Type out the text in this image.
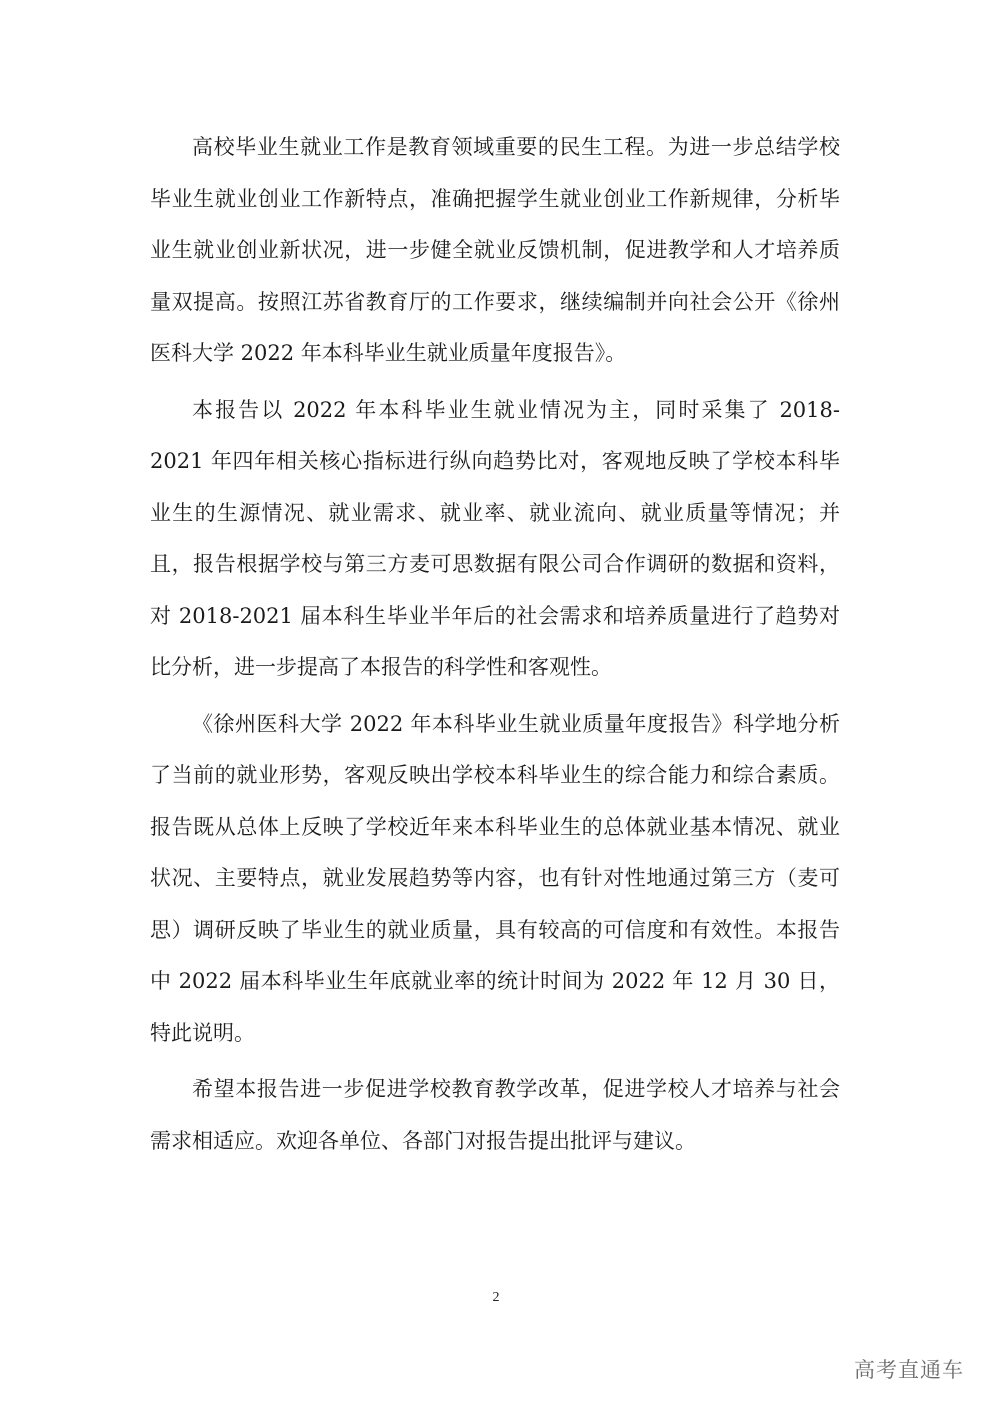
高校毕业生就业工作是教育领域重要的民生工程。为进一步总结学校毕业生就业创业工作新特点，准确把握学生就业创业工作新规律，分析毕业生就业创业新状况，进一步健全就业反馈机制，促进教学和人才培养质量双提高。按照江苏省教育厅的工作要求，继续编制并向社会公开《徐州医科大学 2022 年本科毕业生就业质量年度报告》。

本报告以 2022 年本科毕业生就业情况为主，同时采集了 2018-2021 年四年相关核心指标进行纵向趋势比对，客观地反映了学校本科毕业生的生源情况、就业需求、就业率、就业流向、就业质量等情况；并且，报告根据学校与第三方麦可思数据有限公司合作调研的数据和资料，对 2018-2021 届本科生毕业半年后的社会需求和培养质量进行了趋势对比分析，进一步提高了本报告的科学性和客观性。

《徐州医科大学 2022 年本科毕业生就业质量年度报告》科学地分析了当前的就业形势，客观反映出学校本科毕业生的综合能力和综合素质。报告既从总体上反映了学校近年来本科毕业生的总体就业基本情况、就业状况、主要特点，就业发展趋势等内容，也有针对性地通过第三方（麦可思）调研反映了毕业生的就业质量，具有较高的可信度和有效性。本报告中 2022 届本科毕业生年底就业率的统计时间为 2022 年 12 月 30 日，特此说明。

希望本报告进一步促进学校教育教学改革，促进学校人才培养与社会需求相适应。欢迎各单位、各部门对报告提出批评与建议。

2
高考直通车
